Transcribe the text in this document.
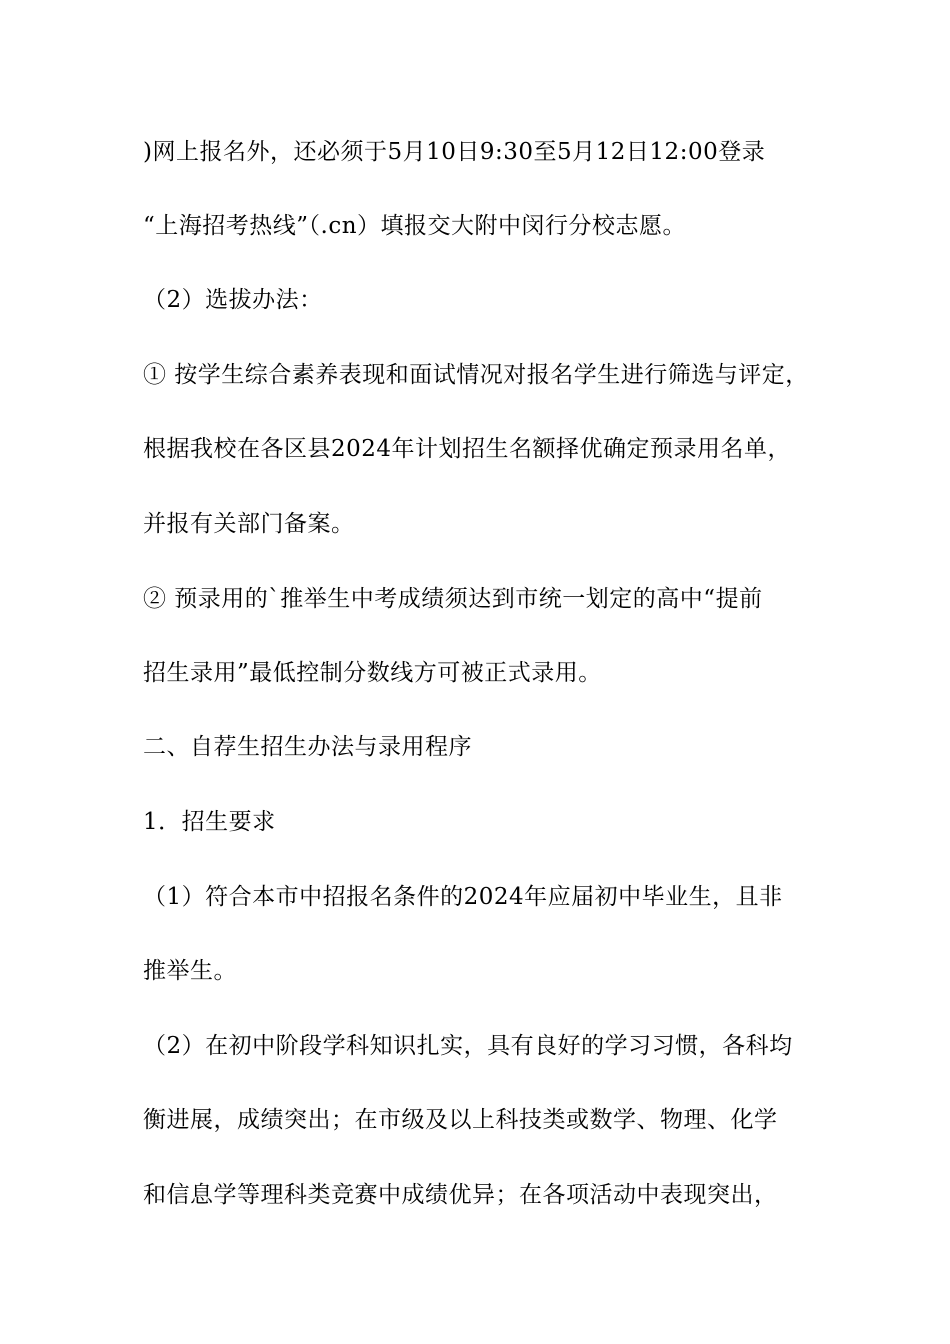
)网上报名外，还必须于5月10日9:30至5月12日12:00登录
“上海招考热线”（.cn）填报交大附中闵行分校志愿。
（2）选拔办法：
① 按学生综合素养表现和面试情况对报名学生进行筛选与评定，
根据我校在各区县2024年计划招生名额择优确定预录用名单，
并报有关部门备案。
② 预录用的`推举生中考成绩须达到市统一划定的高中“提前
招生录用”最低控制分数线方可被正式录用。
二、自荐生招生办法与录用程序
1．招生要求
（1）符合本市中招报名条件的2024年应届初中毕业生，且非
推举生。
（2）在初中阶段学科知识扎实，具有良好的学习习惯，各科均
衡进展，成绩突出；在市级及以上科技类或数学、物理、化学
和信息学等理科类竞赛中成绩优异；在各项活动中表现突出，
